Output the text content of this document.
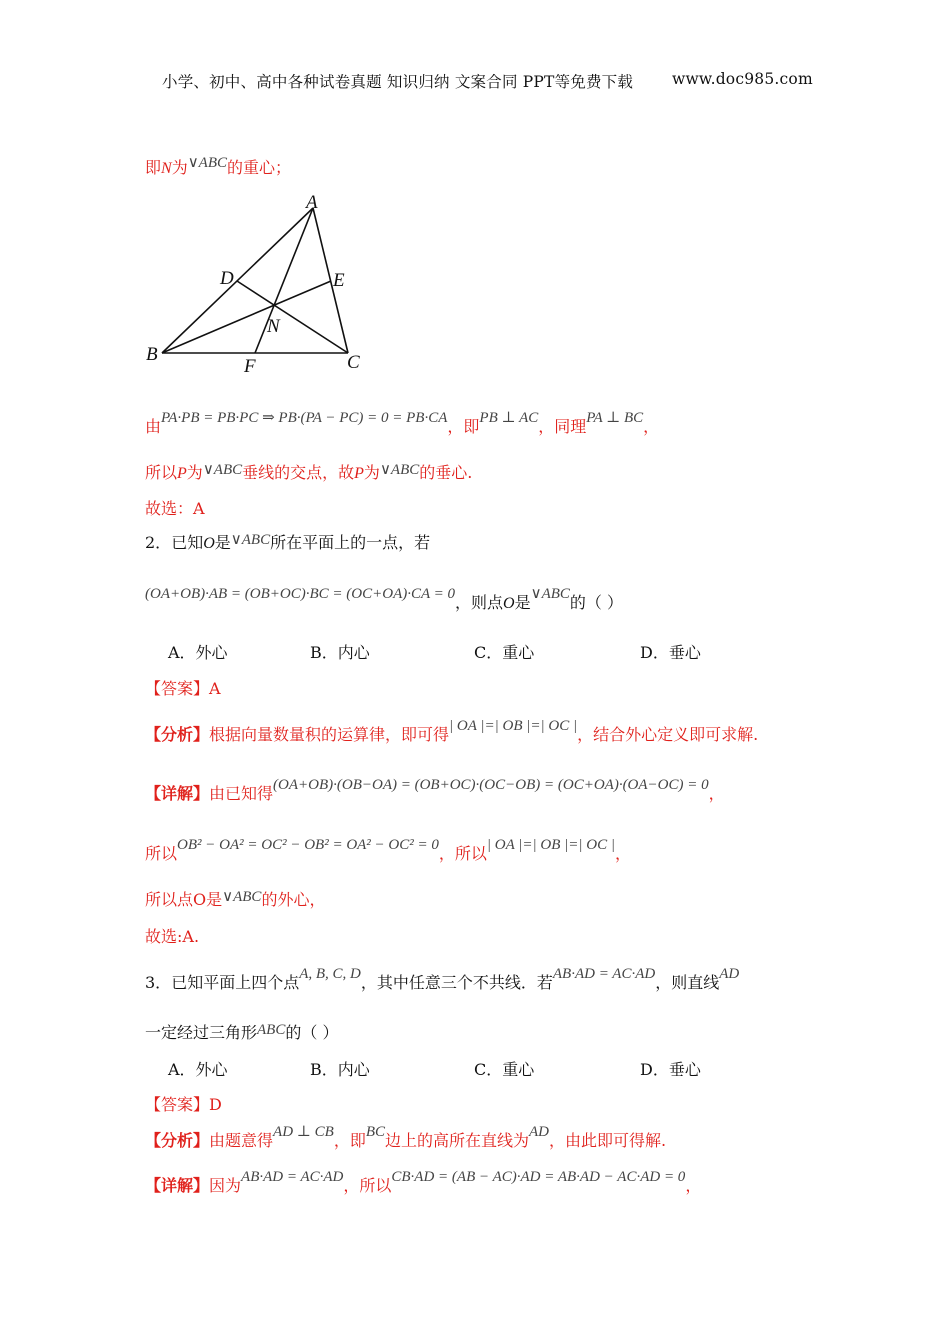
小学、初中、高中各种试卷真题 知识归纳 文案合同 PPT等免费下载	www.doc985.com
即N为∨ABC的重心；
A
B	C
D	E
F
N
由PA·PB = PB·PC ⇒ PB·(PA − PC) = 0 = PB·CA，即PB ⊥ AC，同理PA ⊥ BC，
所以P为∨ABC垂线的交点，故P为∨ABC的垂心.
故选：A
2．已知O是∨ABC所在平面上的一点，若
(OA+OB)·AB = (OB+OC)·BC = (OC+OA)·CA = 0，则点O是∨ABC的（ ）
A．外心	B．内心	C．重心	D．垂心
【答案】A
【分析】根据向量数量积的运算律，即可得| OA |=| OB |=| OC |，结合外心定义即可求解.
【详解】由已知得(OA+OB)·(OB−OA) = (OB+OC)·(OC−OB) = (OC+OA)·(OA−OC) = 0，
所以OB² − OA² = OC² − OB² = OA² − OC² = 0，所以| OA |=| OB |=| OC |，
所以点O是∨ABC的外心，
故选:A.
3．已知平面上四个点A, B, C, D，其中任意三个不共线．若AB·AD = AC·AD，则直线AD
一定经过三角形ABC的（ ）
A．外心	B．内心	C．重心	D．垂心
【答案】D
【分析】由题意得AD ⊥ CB，即BC边上的高所在直线为AD，由此即可得解.
【详解】因为AB·AD = AC·AD，所以CB·AD = (AB − AC)·AD = AB·AD − AC·AD = 0，
